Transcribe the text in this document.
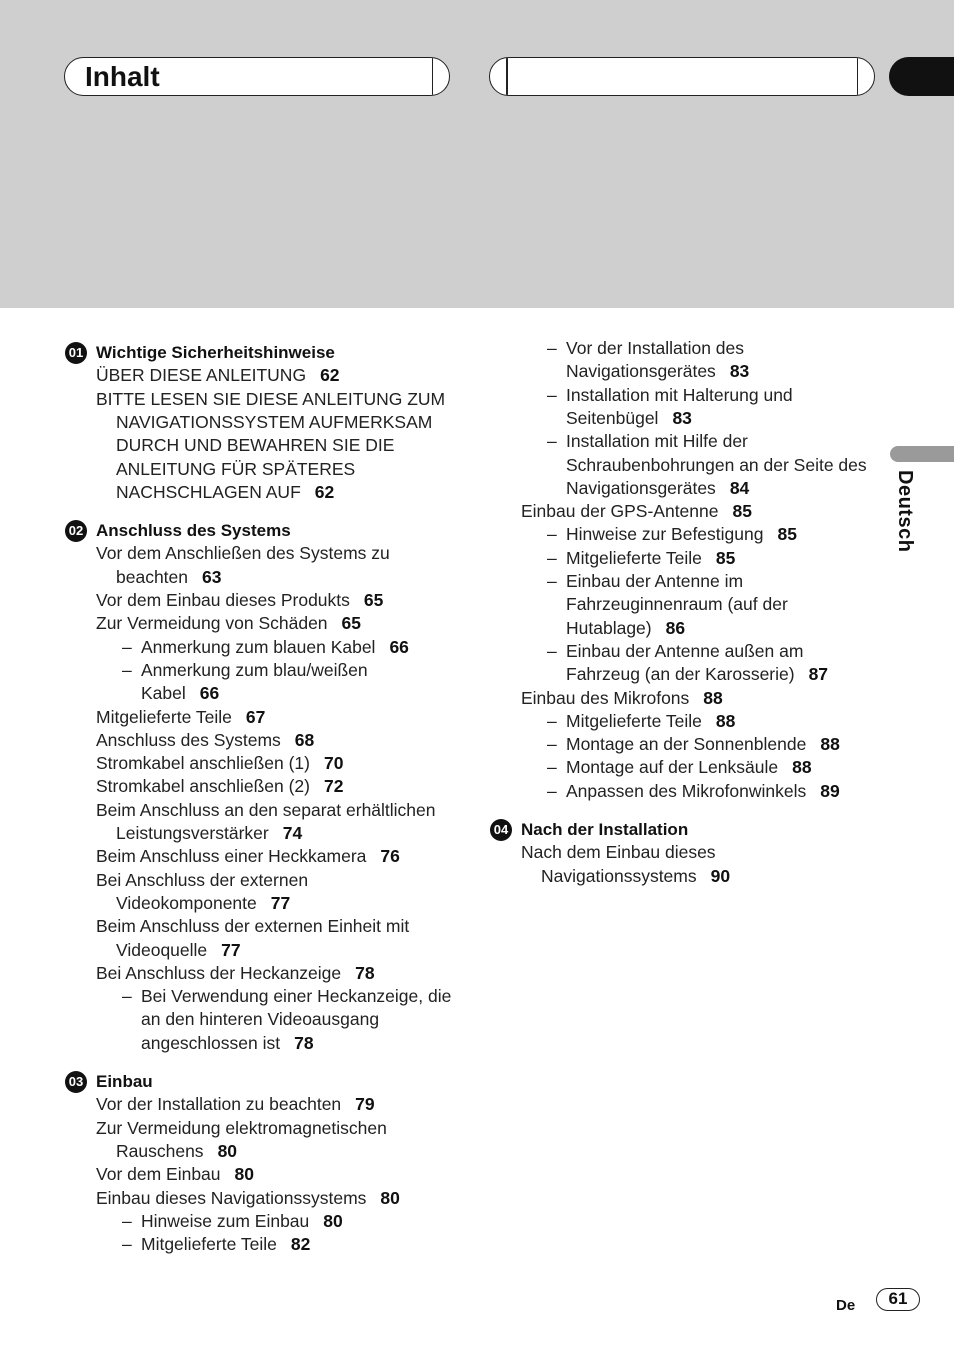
Inhalt
Deutsch
01 Wichtige Sicherheitshinweise
ÜBER DIESE ANLEITUNG 62
BITTE LESEN SIE DIESE ANLEITUNG ZUM
NAVIGATIONSSYSTEM AUFMERKSAM
DURCH UND BEWAHREN SIE DIE
ANLEITUNG FÜR SPÄTERES
NACHSCHLAGEN AUF 62
02 Anschluss des Systems
Vor dem Anschließen des Systems zu
beachten 63
Vor dem Einbau dieses Produkts 65
Zur Vermeidung von Schäden 65
– Anmerkung zum blauen Kabel 66
– Anmerkung zum blau/weißen
Kabel 66
Mitgelieferte Teile 67
Anschluss des Systems 68
Stromkabel anschließen (1) 70
Stromkabel anschließen (2) 72
Beim Anschluss an den separat erhältlichen
Leistungsverstärker 74
Beim Anschluss einer Heckkamera 76
Bei Anschluss der externen
Videokomponente 77
Beim Anschluss der externen Einheit mit
Videoquelle 77
Bei Anschluss der Heckanzeige 78
– Bei Verwendung einer Heckanzeige, die
an den hinteren Videoausgang
angeschlossen ist 78
03 Einbau
Vor der Installation zu beachten 79
Zur Vermeidung elektromagnetischen
Rauschens 80
Vor dem Einbau 80
Einbau dieses Navigationssystems 80
– Hinweise zum Einbau 80
– Mitgelieferte Teile 82
– Vor der Installation des
Navigationsgerätes 83
– Installation mit Halterung und
Seitenbügel 83
– Installation mit Hilfe der
Schraubenbohrungen an der Seite des
Navigationsgerätes 84
Einbau der GPS-Antenne 85
– Hinweise zur Befestigung 85
– Mitgelieferte Teile 85
– Einbau der Antenne im
Fahrzeuginnenraum (auf der
Hutablage) 86
– Einbau der Antenne außen am
Fahrzeug (an der Karosserie) 87
Einbau des Mikrofons 88
– Mitgelieferte Teile 88
– Montage an der Sonnenblende 88
– Montage auf der Lenksäule 88
– Anpassen des Mikrofonwinkels 89
04 Nach der Installation
Nach dem Einbau dieses
Navigationssystems 90
De	61
